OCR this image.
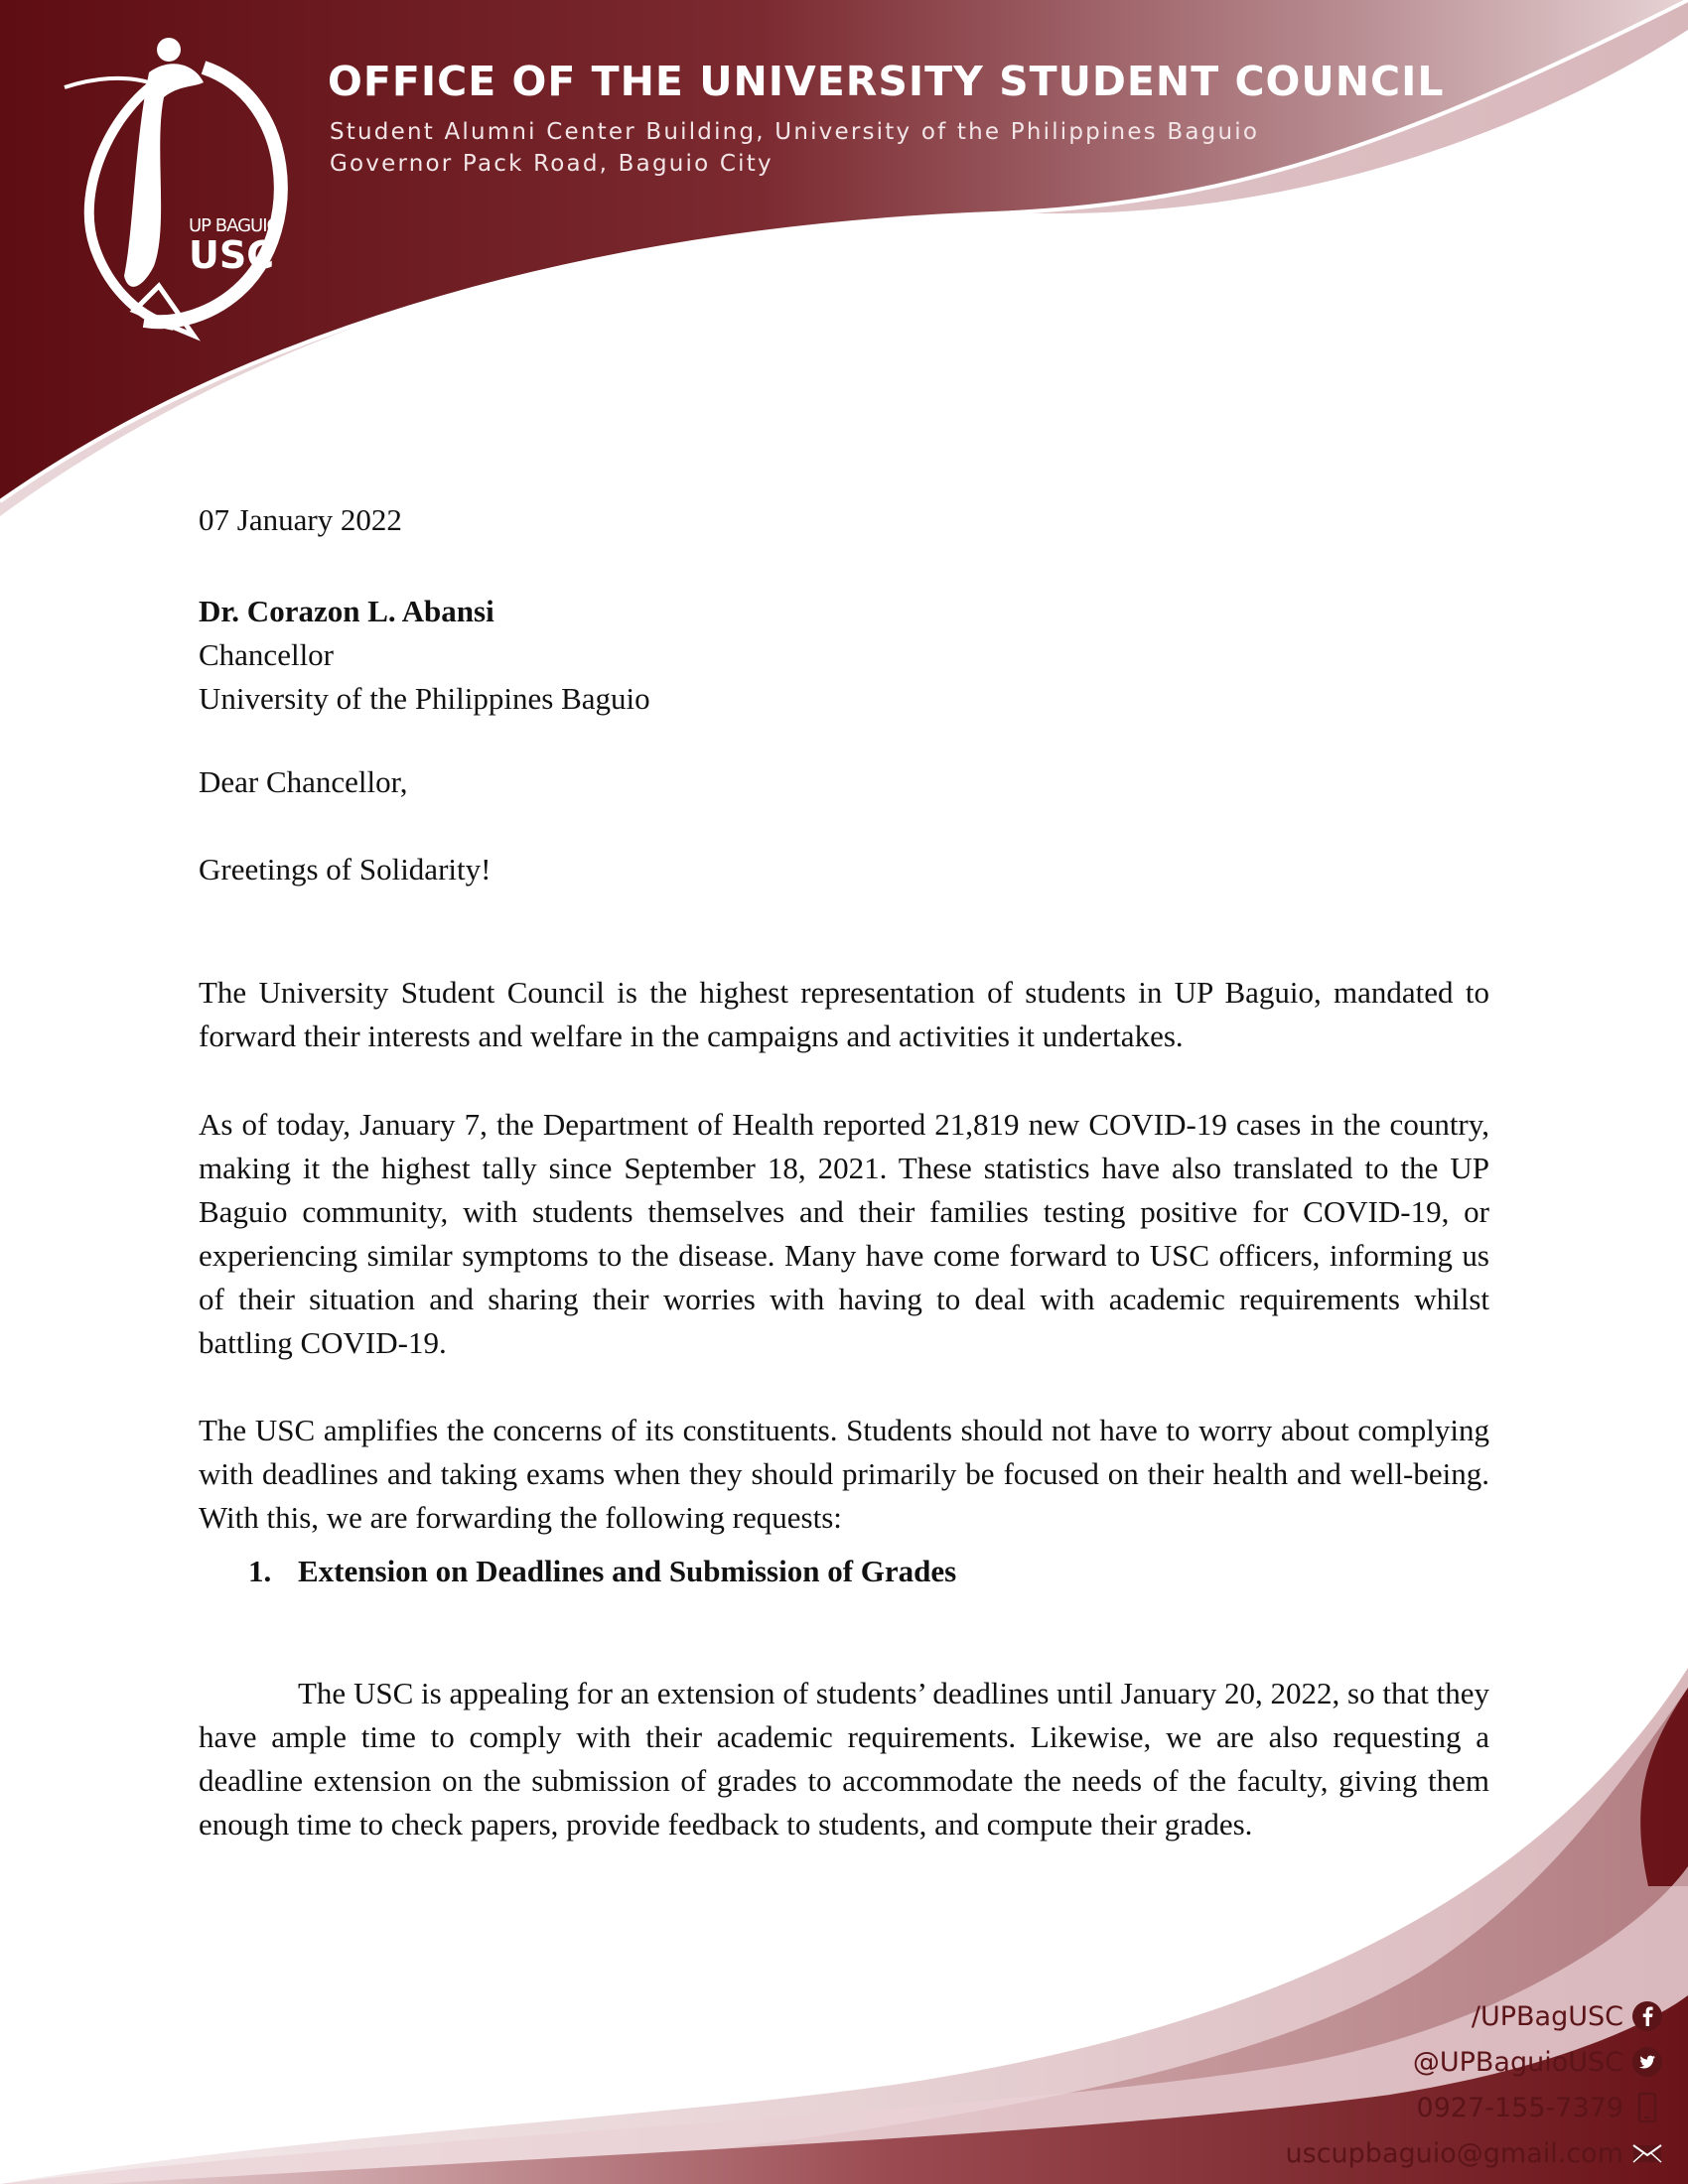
UP BAGUIO
USC
OFFICE OF THE UNIVERSITY STUDENT COUNCIL
Student Alumni Center Building, University of the Philippines Baguio
Governor Pack Road, Baguio City
07 January 2022
Dr. Corazon L. Abansi
Chancellor
University of the Philippines Baguio
Dear Chancellor,
Greetings of Solidarity!

The University Student Council is the highest representation of students in UP Baguio, mandated to forward their interests and welfare in the campaigns and activities it undertakes.

As of today, January 7, the Department of Health reported 21,819 new COVID-19 cases in the country, making it the highest tally since September 18, 2021. These statistics have also translated to the UP Baguio community, with students themselves and their families testing positive for COVID-19, or experiencing similar symptoms to the disease. Many have come forward to USC officers, informing us of their situation and sharing their worries with having to deal with academic requirements whilst battling COVID-19.

The USC amplifies the concerns of its constituents. Students should not have to worry about complying with deadlines and taking exams when they should primarily be focused on their health and well-being. With this, we are forwarding the following requests:

1. Extension on Deadlines and Submission of Grades

The USC is appealing for an extension of students’ deadlines until January 20, 2022, so that they have ample time to comply with their academic requirements. Likewise, we are also requesting a deadline extension on the submission of grades to accommodate the needs of the faculty, giving them enough time to check papers, provide feedback to students, and compute their grades.

/UPBagUSC
@UPBaguioUSC
0927-155-7379
uscupbaguio@gmail.com
